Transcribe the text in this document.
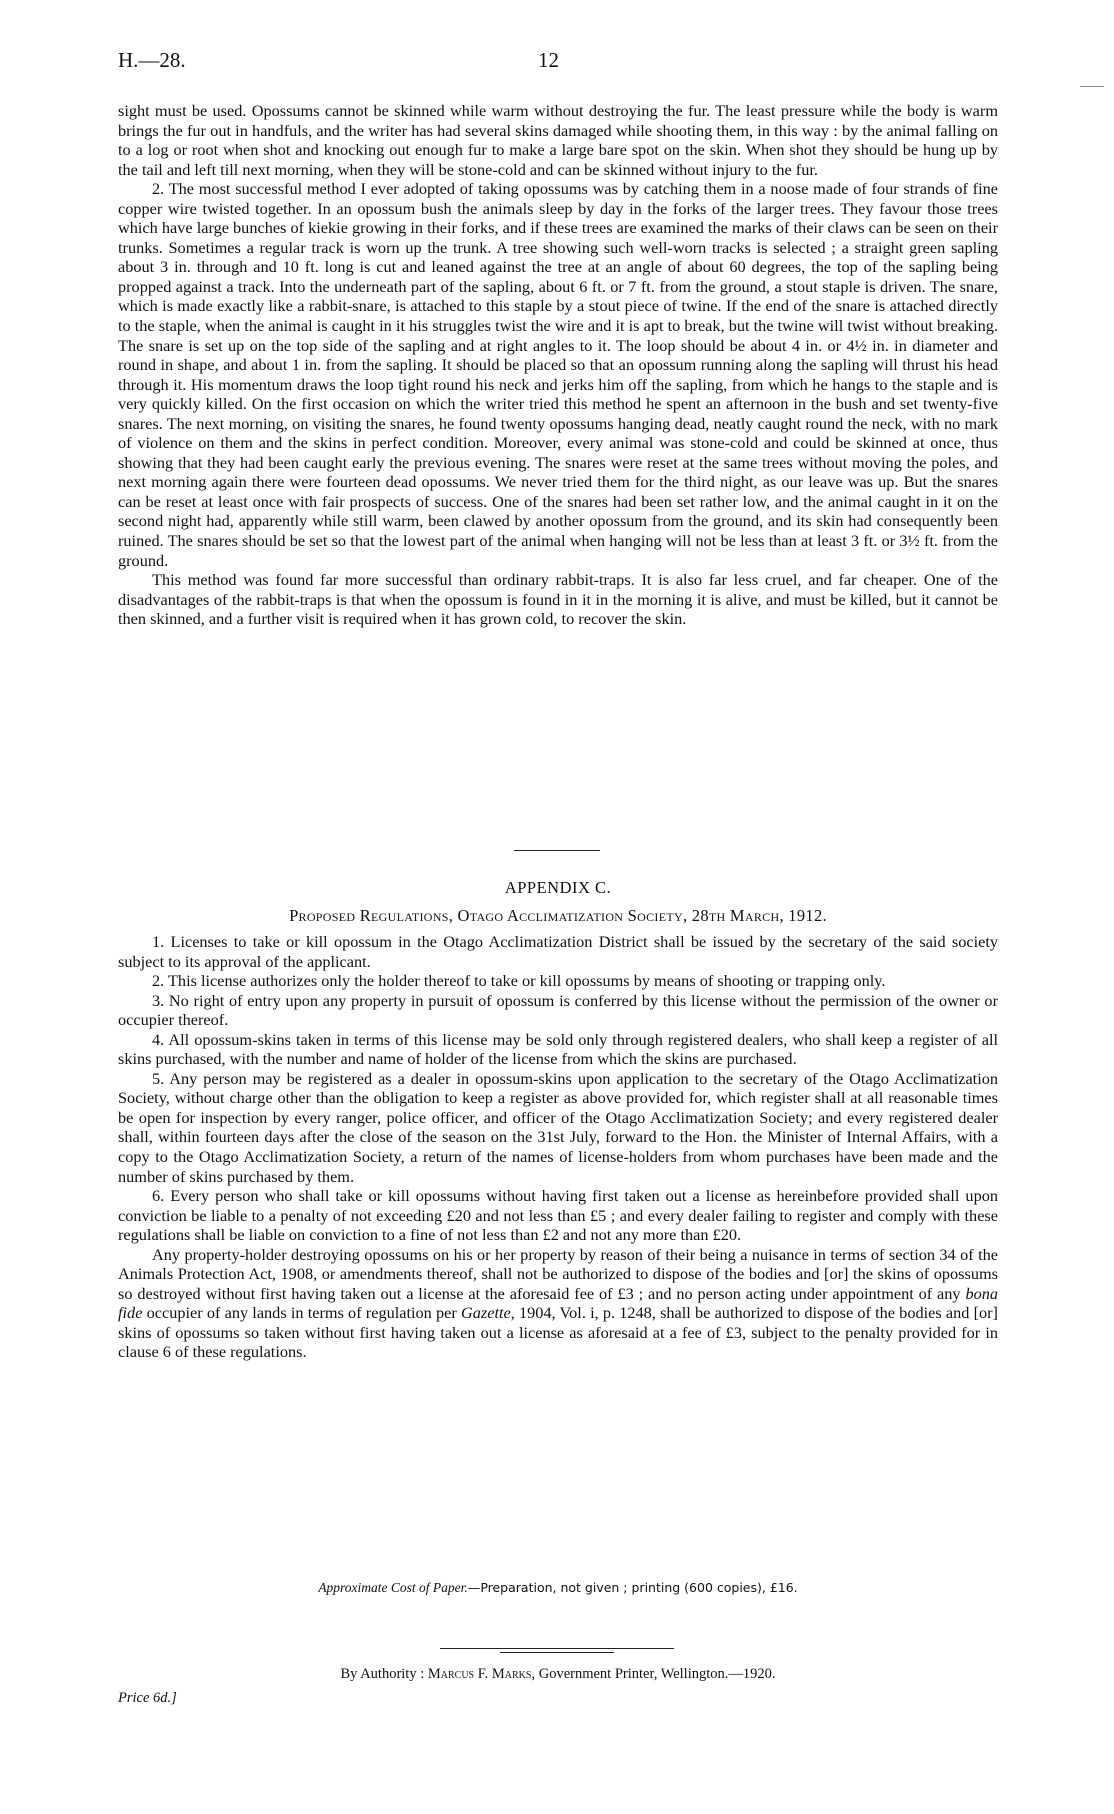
H.—28.	12

sight must be used. Opossums cannot be skinned while warm without destroying the fur. The least pressure while the body is warm brings the fur out in handfuls, and the writer has had several skins damaged while shooting them, in this way : by the animal falling on to a log or root when shot and knocking out enough fur to make a large bare spot on the skin. When shot they should be hung up by the tail and left till next morning, when they will be stone-cold and can be skinned without injury to the fur.

2. The most successful method I ever adopted of taking opossums was by catching them in a noose made of four strands of fine copper wire twisted together. In an opossum bush the animals sleep by day in the forks of the larger trees. They favour those trees which have large bunches of kiekie growing in their forks, and if these trees are examined the marks of their claws can be seen on their trunks. Sometimes a regular track is worn up the trunk. A tree showing such well-worn tracks is selected ; a straight green sapling about 3 in. through and 10 ft. long is cut and leaned against the tree at an angle of about 60 degrees, the top of the sapling being propped against a track. Into the underneath part of the sapling, about 6 ft. or 7 ft. from the ground, a stout staple is driven. The snare, which is made exactly like a rabbit-snare, is attached to this staple by a stout piece of twine. If the end of the snare is attached directly to the staple, when the animal is caught in it his struggles twist the wire and it is apt to break, but the twine will twist without breaking. The snare is set up on the top side of the sapling and at right angles to it. The loop should be about 4 in. or 4½ in. in diameter and round in shape, and about 1 in. from the sapling. It should be placed so that an opossum running along the sapling will thrust his head through it. His momentum draws the loop tight round his neck and jerks him off the sapling, from which he hangs to the staple and is very quickly killed. On the first occasion on which the writer tried this method he spent an afternoon in the bush and set twenty-five snares. The next morning, on visiting the snares, he found twenty opossums hanging dead, neatly caught round the neck, with no mark of violence on them and the skins in perfect condition. Moreover, every animal was stone-cold and could be skinned at once, thus showing that they had been caught early the previous evening. The snares were reset at the same trees without moving the poles, and next morning again there were fourteen dead opossums. We never tried them for the third night, as our leave was up. But the snares can be reset at least once with fair prospects of success. One of the snares had been set rather low, and the animal caught in it on the second night had, apparently while still warm, been clawed by another opossum from the ground, and its skin had consequently been ruined. The snares should be set so that the lowest part of the animal when hanging will not be less than at least 3 ft. or 3½ ft. from the ground.

This method was found far more successful than ordinary rabbit-traps. It is also far less cruel, and far cheaper. One of the disadvantages of the rabbit-traps is that when the opossum is found in it in the morning it is alive, and must be killed, but it cannot be then skinned, and a further visit is required when it has grown cold, to recover the skin.

APPENDIX C.
Proposed Regulations, Otago Acclimatization Society, 28th March, 1912.

1. Licenses to take or kill opossum in the Otago Acclimatization District shall be issued by the secretary of the said society subject to its approval of the applicant.

2. This license authorizes only the holder thereof to take or kill opossums by means of shooting or trapping only.

3. No right of entry upon any property in pursuit of opossum is conferred by this license without the permission of the owner or occupier thereof.

4. All opossum-skins taken in terms of this license may be sold only through registered dealers, who shall keep a register of all skins purchased, with the number and name of holder of the license from which the skins are purchased.

5. Any person may be registered as a dealer in opossum-skins upon application to the secretary of the Otago Acclimatization Society, without charge other than the obligation to keep a register as above provided for, which register shall at all reasonable times be open for inspection by every ranger, police officer, and officer of the Otago Acclimatization Society; and every registered dealer shall, within fourteen days after the close of the season on the 31st July, forward to the Hon. the Minister of Internal Affairs, with a copy to the Otago Acclimatization Society, a return of the names of license-holders from whom purchases have been made and the number of skins purchased by them.

6. Every person who shall take or kill opossums without having first taken out a license as hereinbefore provided shall upon conviction be liable to a penalty of not exceeding £20 and not less than £5 ; and every dealer failing to register and comply with these regulations shall be liable on conviction to a fine of not less than £2 and not any more than £20.

Any property-holder destroying opossums on his or her property by reason of their being a nuisance in terms of section 34 of the Animals Protection Act, 1908, or amendments thereof, shall not be authorized to dispose of the bodies and [or] the skins of opossums so destroyed without first having taken out a license at the aforesaid fee of £3 ; and no person acting under appointment of any bona fide occupier of any lands in terms of regulation per Gazette, 1904, Vol. i, p. 1248, shall be authorized to dispose of the bodies and [or] skins of opossums so taken without first having taken out a license as aforesaid at a fee of £3, subject to the penalty provided for in clause 6 of these regulations.

Approximate Cost of Paper.—Preparation, not given ; printing (600 copies), £16.
By Authority : Marcus F. Marks, Government Printer, Wellington.—1920.
Price 6d.]
